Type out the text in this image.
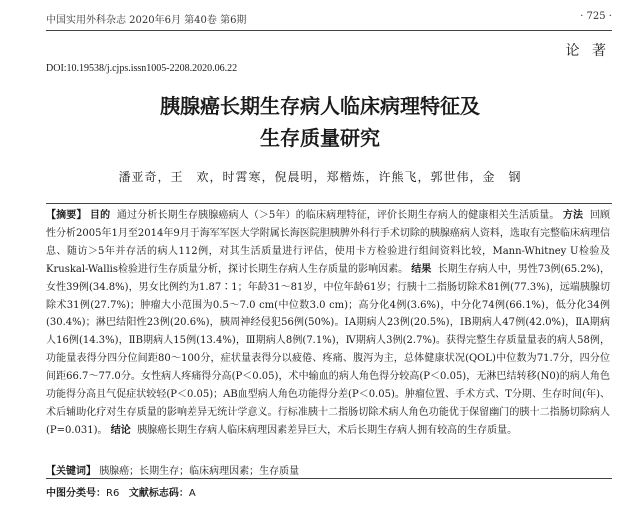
中国实用外科杂志 2020年6月 第40卷 第6期	· 725 ·
论 著
DOI:10.19538/j.cjps.issn1005-2208.2020.06.22
胰腺癌长期生存病人临床病理特征及
生存质量研究
潘亚奇，王　欢，时霄寒，倪晨明，郑楷炼，许熊飞，郭世伟，金　钢
【摘要】 目的 通过分析长期生存胰腺癌病人（＞5年）的临床病理特征，评价长期生存病人的健康相关生活质量。 方法 回顾性分析2005年1月至2014年9月于海军军医大学附属长海医院胆胰脾外科行手术切除的胰腺癌病人资料，选取有完整临床病理信息、随访＞5年并存活的病人112例，对其生活质量进行评估，使用卡方检验进行组间资料比较，Mann-Whitney U检验及Kruskal-Wallis检验进行生存质量分析，探讨长期生存病人生存质量的影响因素。 结果 长期生存病人中，男性73例(65.2%)，女性39例(34.8%)，男女比例约为1.87∶1；年龄31～81岁，中位年龄61岁；行胰十二指肠切除术81例(77.3%)，远端胰腺切除术31例(27.7%)；肿瘤大小范围为0.5～7.0 cm(中位数3.0 cm)；高分化4例(3.6%)，中分化74例(66.1%)，低分化34例(30.4%)；淋巴结阳性23例(20.6%)，胰周神经侵犯56例(50%)。ⅠA期病人23例(20.5%)，ⅠB期病人47例(42.0%)，ⅡA期病人16例(14.3%)，ⅡB期病人15例(13.4%)，Ⅲ期病人8例(7.1%)，Ⅳ期病人3例(2.7%)。获得完整生存质量量表的病人58例，功能量表得分四分位间距80～100分，症状量表得分以疲倦、疼痛、腹泻为主，总体健康状况(QOL)中位数为71.7分，四分位间距66.7～77.0分。女性病人疼痛得分高(P＜0.05)，术中输血的病人角色得分较高(P＜0.05)，无淋巴结转移(N0)的病人角色功能得分高且气促症状较轻(P＜0.05)；AB血型病人角色功能得分差(P＜0.05)。肿瘤位置、手术方式、T分期、生存时间(年)、术后辅助化疗对生存质量的影响差异无统计学意义。行标准胰十二指肠切除术病人角色功能优于保留幽门的胰十二指肠切除病人(P=0.031)。 结论 胰腺癌长期生存病人临床病理因素差异巨大，术后长期生存病人拥有较高的生存质量。
【关键词】 胰腺癌；长期生存；临床病理因素；生存质量
中图分类号：R6 文献标志码：A
